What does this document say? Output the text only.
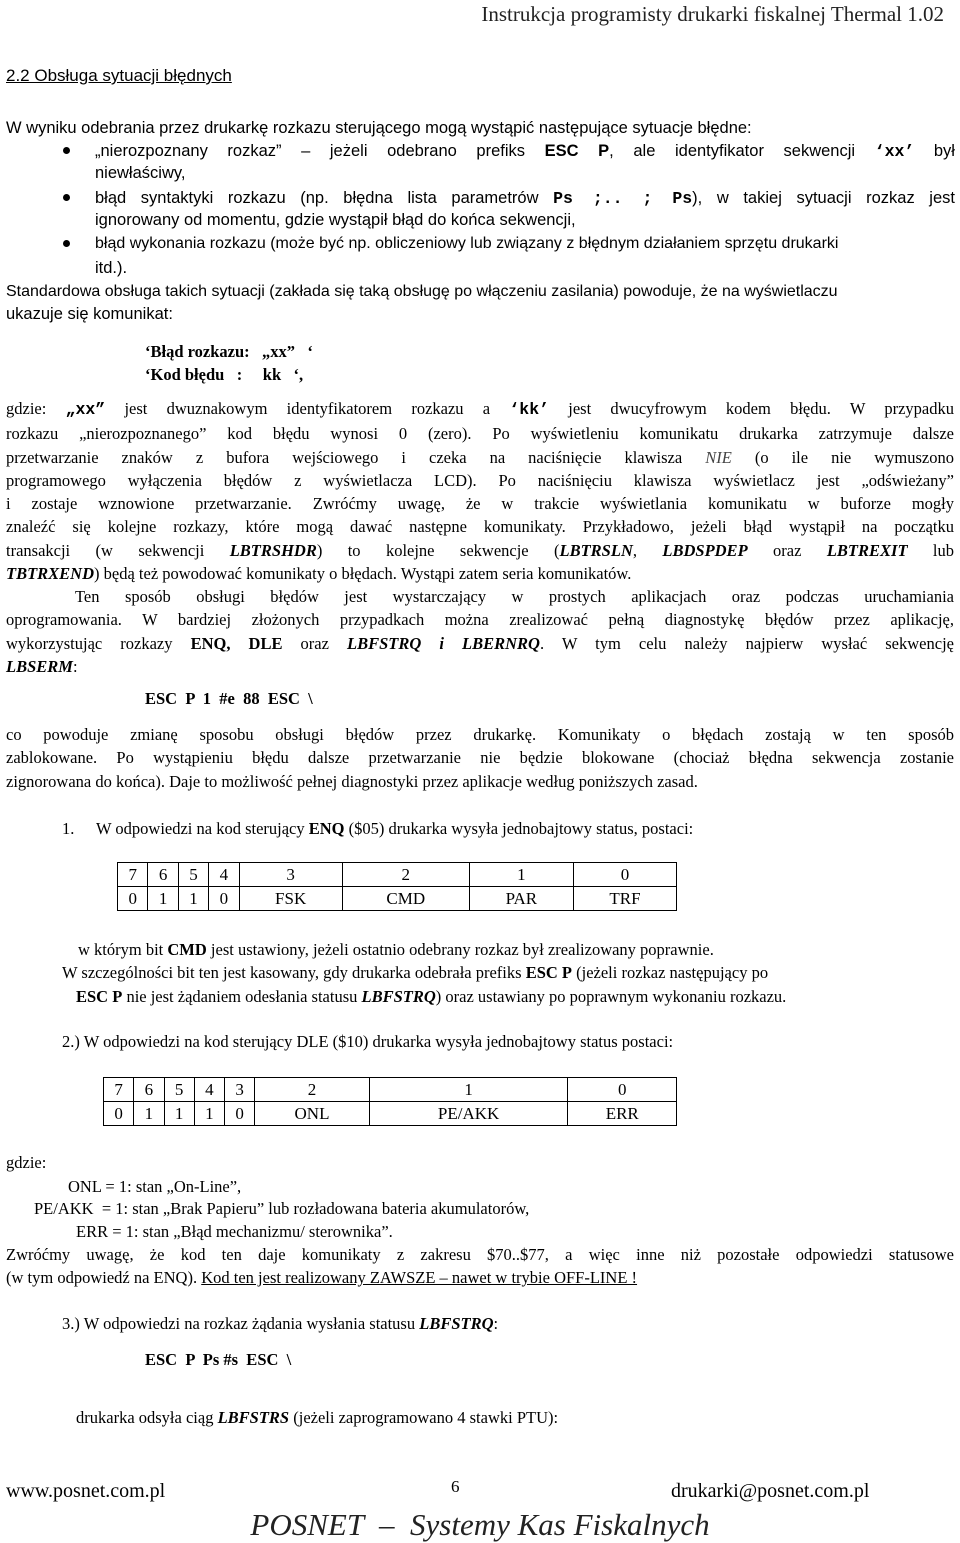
Instrukcja programisty drukarki fiskalnej Thermal 1.02
2.2 Obsługa sytuacji błędnych
W wyniku odebrania przez drukarkę rozkazu sterującego mogą wystąpić następujące sytuacje błędne:
„nierozpoznany rozkaz” – jeżeli odebrano prefiks ESC P, ale identyfikator sekwencji ‘xx’ był
niewłaściwy,
błąd syntaktyki rozkazu (np. błędna lista parametrów Ps ;.. ; Ps), w takiej sytuacji rozkaz jest
ignorowany od momentu, gdzie wystąpił błąd do końca sekwencji,
błąd wykonania rozkazu (może być np. obliczeniowy lub związany z błędnym działaniem sprzętu drukarki
itd.).
Standardowa obsługa takich sytuacji (zakłada się taką obsługę po włączeniu zasilania) powoduje, że na wyświetlaczu
ukazuje się komunikat:
‘Błąd rozkazu:   „xx”   ‘
‘Kod błędu   :     kk   ‘,
gdzie: „xx” jest dwuznakowym identyfikatorem rozkazu a ‘kk’ jest dwucyfrowym kodem błędu. W przypadku
rozkazu „nierozpoznanego” kod błędu wynosi 0 (zero). Po wyświetleniu komunikatu drukarka zatrzymuje dalsze
przetwarzanie znaków z bufora wejściowego i czeka na naciśnięcie klawisza NIE (o ile nie wymuszono
programowego wyłączenia błędów z wyświetlacza LCD). Po naciśnięciu klawisza wyświetlacz jest „odświeżany”
i zostaje wznowione przetwarzanie. Zwróćmy uwagę, że w trakcie wyświetlania komunikatu w buforze mogły
znaleźć się kolejne rozkazy, które mogą dawać następne komunikaty. Przykładowo, jeżeli błąd wystąpił na początku
transakcji (w sekwencji LBTRSHDR) to kolejne sekwencje (LBTRSLN, LBDSPDEP oraz LBTREXIT lub
TBTRXEND) będą też powodować komunikaty o błędach. Wystąpi zatem seria komunikatów.
Ten sposób obsługi błędów jest wystarczający w prostych aplikacjach oraz podczas uruchamiania
oprogramowania. W bardziej złożonych przypadkach można zrealizować pełną diagnostykę błędów przez aplikację,
wykorzystując rozkazy ENQ, DLE oraz LBFSTRQ i LBERNRQ. W tym celu należy najpierw wysłać sekwencję
LBSERM:
ESC  P  1  #e  88  ESC  \
co powoduje zmianę sposobu obsługi błędów przez drukarkę. Komunikaty o błędach zostają w ten sposób
zablokowane. Po wystąpieniu błędu dalsze przetwarzanie nie będzie blokowane (chociaż błędna sekwencja zostanie
zignorowana do końca). Daje to możliwość pełnej diagnostyki przez aplikacje według poniższych zasad.
1.	W odpowiedzi na kod sterujący ENQ ($05) drukarka wysyła jednobajtowy status, postaci:
7	6	5	4	3	2	1	0
0	1	1	0	FSK	CMD	PAR	TRF
w którym bit CMD jest ustawiony, jeżeli ostatnio odebrany rozkaz był zrealizowany poprawnie.
W szczególności bit ten jest kasowany, gdy drukarka odebrała prefiks ESC P (jeżeli rozkaz następujący po
ESC P nie jest żądaniem odesłania statusu LBFSTRQ) oraz ustawiany po poprawnym wykonaniu rozkazu.
2.) W odpowiedzi na kod sterujący DLE ($10) drukarka wysyła jednobajtowy status postaci:
7	6	5	4	3	2	1	0
0	1	1	1	0	ONL	PE/AKK	ERR
gdzie:
ONL = 1: stan „On-Line”,
PE/AKK  = 1: stan „Brak Papieru” lub rozładowana bateria akumulatorów,
ERR = 1: stan „Błąd mechanizmu/ sterownika”.
Zwróćmy uwagę, że kod ten daje komunikaty z zakresu $70..$77, a więc inne niż pozostałe odpowiedzi statusowe
(w tym odpowiedź na ENQ). Kod ten jest realizowany ZAWSZE – nawet w trybie OFF-LINE !
3.) W odpowiedzi na rozkaz żądania wysłania statusu LBFSTRQ:
ESC  P  Ps #s  ESC  \
drukarka odsyła ciąg LBFSTRS (jeżeli zaprogramowano 4 stawki PTU):
www.posnet.com.pl	6	drukarki@posnet.com.pl
POSNET  –  Systemy Kas Fiskalnych
